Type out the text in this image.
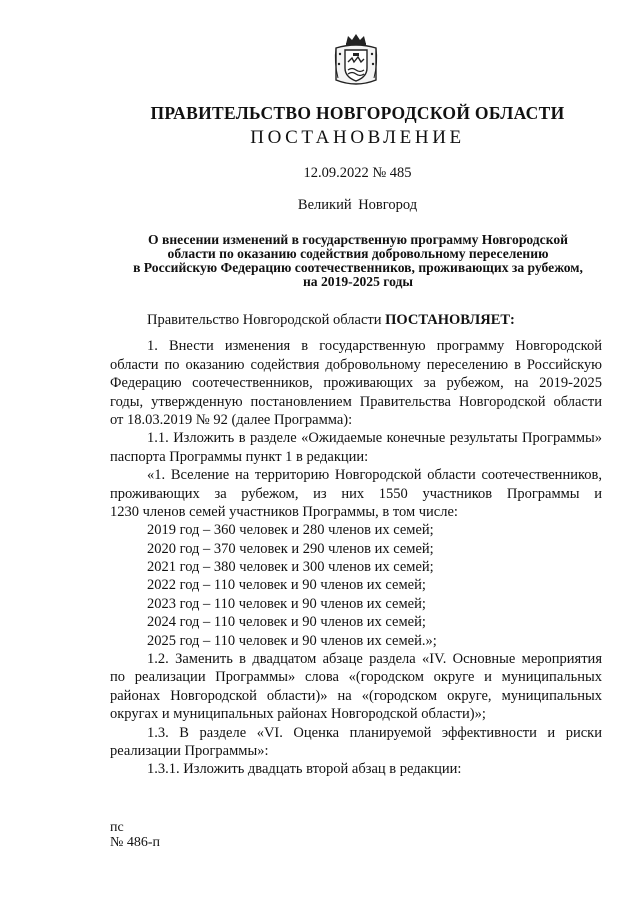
ПРАВИТЕЛЬСТВО НОВГОРОДСКОЙ ОБЛАСТИ
ПОСТАНОВЛЕНИЕ
12.09.2022 № 485
Великий Новгород
О внесении изменений в государственную программу Новгородской
области по оказанию содействия добровольному переселению
в Российскую Федерацию соотечественников, проживающих за рубежом,
на 2019-2025 годы
Правительство Новгородской области ПОСТАНОВЛЯЕТ:
1. Внести изменения в государственную программу Новгородской
области по оказанию содействия добровольному переселению в Российскую
Федерацию соотечественников, проживающих за рубежом, на 2019-2025
годы, утвержденную постановлением Правительства Новгородской области
от 18.03.2019 № 92 (далее Программа):
1.1. Изложить в разделе «Ожидаемые конечные результаты Программы»
паспорта Программы пункт 1 в редакции:
«1. Вселение на территорию Новгородской области соотечественников,
проживающих за рубежом, из них 1550 участников Программы и
1230 членов семей участников Программы, в том числе:
2019 год – 360 человек и 280 членов их семей;
2020 год – 370 человек и 290 членов их семей;
2021 год – 380 человек и 300 членов их семей;
2022 год – 110 человек и 90 членов их семей;
2023 год – 110 человек и 90 членов их семей;
2024 год – 110 человек и 90 членов их семей;
2025 год – 110 человек и 90 членов их семей.»;
1.2. Заменить в двадцатом абзаце раздела «IV. Основные мероприятия
по реализации Программы» слова «(городском округе и муниципальных
районах Новгородской области)» на «(городском округе, муниципальных
округах и муниципальных районах Новгородской области)»;
1.3. В разделе «VI. Оценка планируемой эффективности и риски
реализации Программы»:
1.3.1. Изложить двадцать второй абзац в редакции:
пс
№ 486-п
